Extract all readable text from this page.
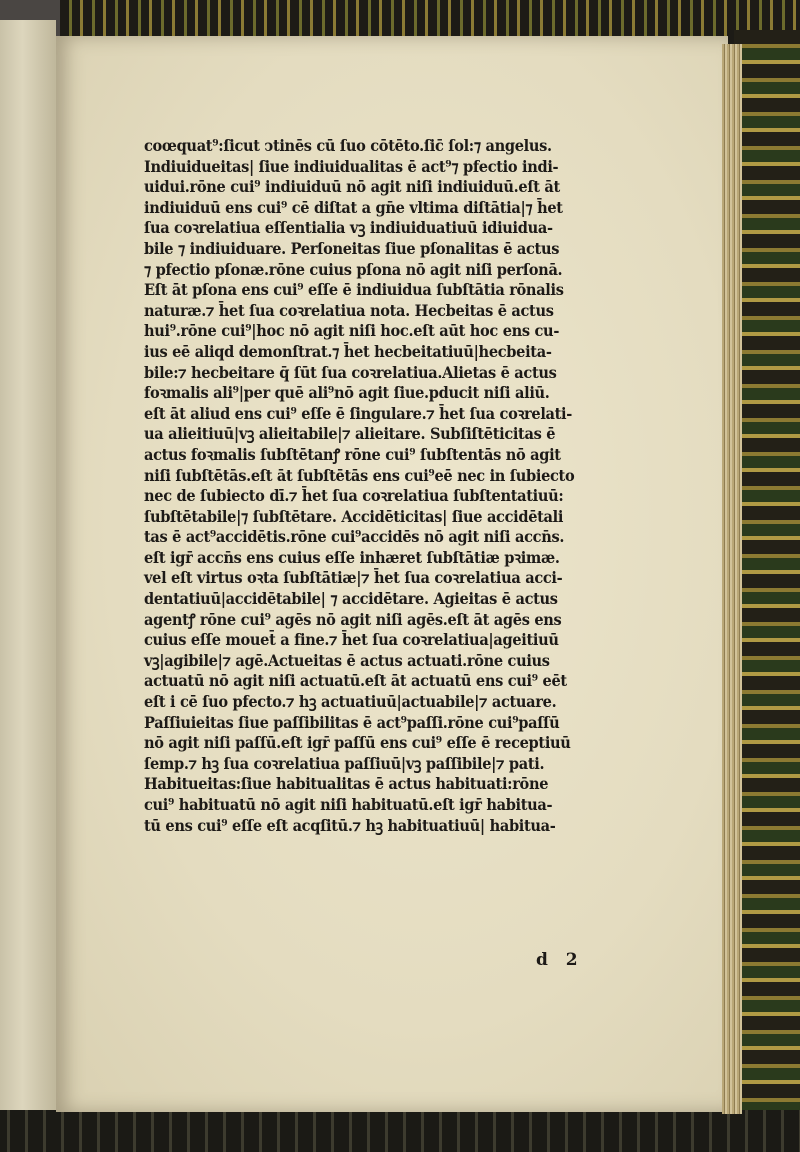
coœquat⁹:ſicut ↄtinēs cū ſuo cōtēto.ſic̄ ſol:⁊ angelus.
Indiuidueitas| ſiue indiuidualitas ē act⁹⁊ pfectio indi-
uidui.rōne cui⁹ indiuiduū nō agit niſi indiuiduū.eſt āt
indiuiduū ens cui⁹ cē diſtat a gn̄e vltima diſtātia|⁊ h̄et
ſua coꝛrelatiua eſſentialia vꝫ indiuiduatiuū idiuidua-
bile ⁊ indiuiduare. Perſoneitas ſiue pſonalitas ē actus
⁊ pfectio pſonæ.rōne cuius pſona nō agit niſi perſonā.
Eſt āt pſona ens cui⁹ eſſe ē indiuidua ſubſtātia rōnalis
naturæ.⁊ h̄et ſua coꝛrelatiua nota. Hecbeitas ē actus
hui⁹.rōne cui⁹|hoc nō agit niſi hoc.eſt aūt hoc ens cu-
ius eē aliqd demonſtrat.⁊ h̄et hecbeitatiuū|hecbeita-
bile:⁊ hecbeitare q̄ ſūt ſua coꝛrelatiua.Alietas ē actus
foꝛmalis ali⁹|per quē ali⁹nō agit ſiue.pducit niſi aliū.
eſt āt aliud ens cui⁹ eſſe ē ſingulare.⁊ h̄et ſua coꝛrelati-
ua alieitiuū|vꝫ alieitabile|⁊ alieitare. Subſiſtēticitas ē
actus foꝛmalis ſubſtētanꝭ rōne cui⁹ ſubſtentās nō agit
niſi ſubſtētās.eſt āt ſubſtētās ens cui⁹eē nec in ſubiecto
nec de ſubiecto dī.⁊ h̄et ſua coꝛrelatiua ſubſtentatiuū:
ſubſtētabile|⁊ ſubſtētare. Accidēticitas| ſiue accidētali
tas ē act⁹accidētis.rōne cui⁹accidēs nō agit niſi accn̄s.
eſt igr̄ accn̄s ens cuius eſſe inhæret ſubſtātiæ pꝛimæ.
vel eſt virtus oꝛta ſubſtātiæ|⁊ h̄et ſua coꝛrelatiua acci-
dentatiuū|accidētabile| ⁊ accidētare. Agieitas ē actus
agentꝭ rōne cui⁹ agēs nō agit niſi agēs.eſt āt agēs ens
cuius eſſe mouet̄ a fine.⁊ h̄et ſua coꝛrelatiua|ageitiuū
vꝫ|agibile|⁊ agē.Actueitas ē actus actuati.rōne cuius
actuatū nō agit niſi actuatū.eſt āt actuatū ens cui⁹ eēt
eſt i cē ſuo pfecto.⁊ hꝫ actuatiuū|actuabile|⁊ actuare.
Paſſiuieitas ſiue paſſibilitas ē act⁹paſſi.rōne cui⁹paſſū
nō agit niſi paſſū.eſt igr̄ paſſū ens cui⁹ eſſe ē receptiuū
ſemp.⁊ hꝫ ſua coꝛrelatiua paſſiuū|vꝫ paſſibile|⁊ pati.
Habitueitas:ſiue habitualitas ē actus habituati:rōne
cui⁹ habituatū nō agit niſi habituatū.eſt igr̄ habitua-
tū ens cui⁹ eſſe eſt acqſitū.⁊ hꝫ habituatiuū| habitua-
d 2
